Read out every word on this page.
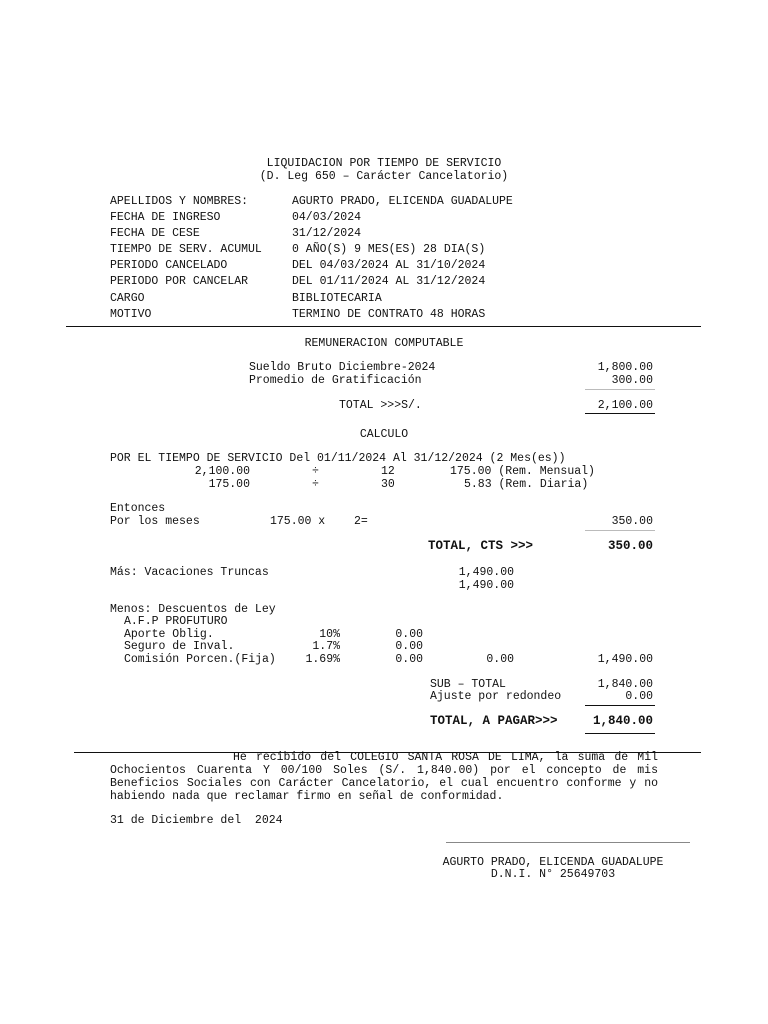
LIQUIDACION POR TIEMPO DE SERVICIO
(D. Leg 650 – Carácter Cancelatorio)
APELLIDOS Y NOMBRES:	AGURTO PRADO, ELICENDA GUADALUPE
FECHA DE INGRESO	04/03/2024
FECHA DE CESE	31/12/2024
TIEMPO DE SERV. ACUMUL	0 AÑO(S) 9 MES(ES) 28 DIA(S)
PERIODO CANCELADO	DEL 04/03/2024 AL 31/10/2024
PERIODO POR CANCELAR	DEL 01/11/2024 AL 31/12/2024
CARGO	BIBLIOTECARIA
MOTIVO	TERMINO DE CONTRATO 48 HORAS
REMUNERACION COMPUTABLE
Sueldo Bruto Diciembre-2024	1,800.00
Promedio de Gratificación	300.00
TOTAL >>>S/.	2,100.00
CALCULO
POR EL TIEMPO DE SERVICIO Del 01/11/2024 Al 31/12/2024 (2 Mes(es))
2,100.00	÷	12	175.00 (Rem. Mensual)
175.00	÷	30	5.83 (Rem. Diaria)
Entonces
Por los meses	175.00 x	2=	350.00
TOTAL, CTS >>>	350.00
Más: Vacaciones Truncas	1,490.00
1,490.00
Menos: Descuentos de Ley
A.F.P PROFUTURO
Aporte Oblig.	10%	0.00
Seguro de Inval.	1.7%	0.00
Comisión Porcen.(Fija)	1.69%	0.00	0.00	1,490.00
SUB – TOTAL	1,840.00
Ajuste por redondeo	0.00
TOTAL, A PAGAR>>>	1,840.00
He recibido del COLEGIO SANTA ROSA DE LIMA, la suma de Mil Ochocientos Cuarenta Y 00/100 Soles (S/. 1,840.00) por el concepto de mis Beneficios Sociales con Carácter Cancelatorio, el cual encuentro conforme y no habiendo nada que reclamar firmo en señal de conformidad.
31 de Diciembre del  2024
AGURTO PRADO, ELICENDA GUADALUPE
D.N.I. N° 25649703
